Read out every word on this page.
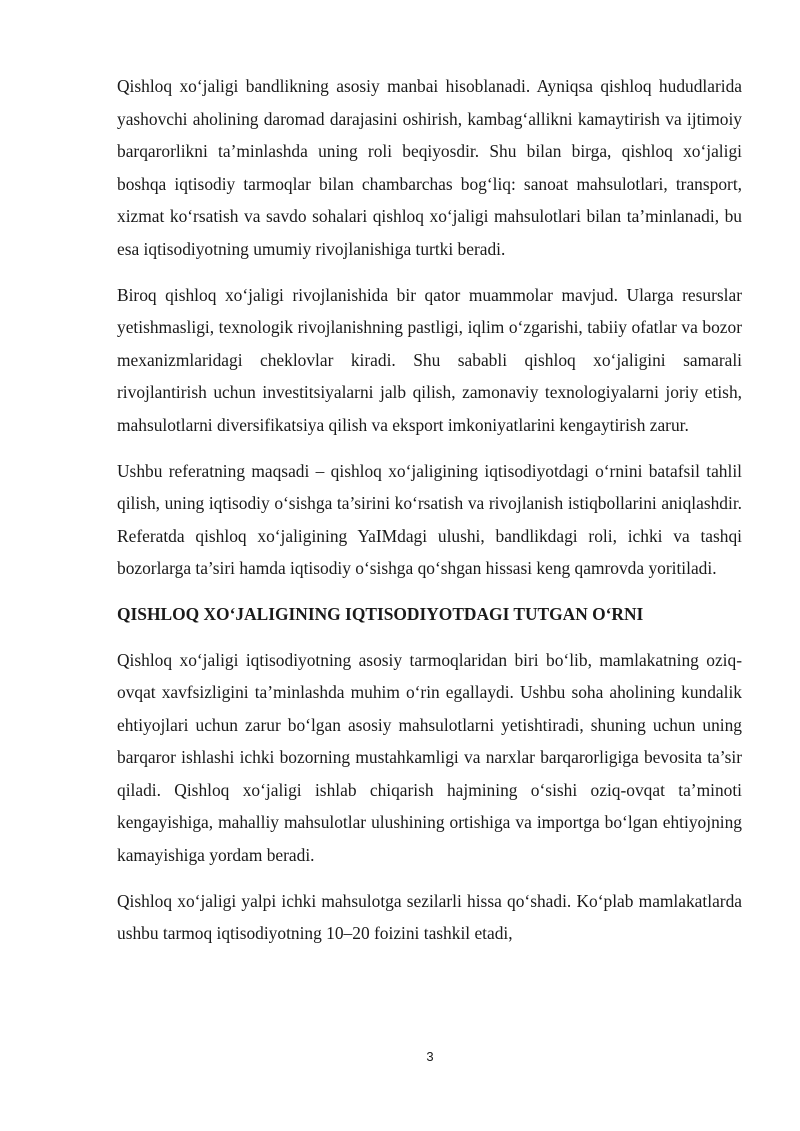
Qishloq xo‘jaligi bandlikning asosiy manbai hisoblanadi. Ayniqsa qishloq hududlarida yashovchi aholining daromad darajasini oshirish, kambag‘allikni kamaytirish va ijtimoiy barqarorlikni ta’minlashda uning roli beqiyosdir. Shu bilan birga, qishloq xo‘jaligi boshqa iqtisodiy tarmoqlar bilan chambarchas bog‘liq: sanoat mahsulotlari, transport, xizmat ko‘rsatish va savdo sohalari qishloq xo‘jaligi mahsulotlari bilan ta’minlanadi, bu esa iqtisodiyotning umumiy rivojlanishiga turtki beradi.

Biroq qishloq xo‘jaligi rivojlanishida bir qator muammolar mavjud. Ularga resurslar yetishmasligi, texnologik rivojlanishning pastligi, iqlim o‘zgarishi, tabiiy ofatlar va bozor mexanizmlaridagi cheklovlar kiradi. Shu sababli qishloq xo‘jaligini samarali rivojlantirish uchun investitsiyalarni jalb qilish, zamonaviy texnologiyalarni joriy etish, mahsulotlarni diversifikatsiya qilish va eksport imkoniyatlarini kengaytirish zarur.

Ushbu referatning maqsadi – qishloq xo‘jaligining iqtisodiyotdagi o‘rnini batafsil tahlil qilish, uning iqtisodiy o‘sishga ta’sirini ko‘rsatish va rivojlanish istiqbollarini aniqlashdir. Referatda qishloq xo‘jaligining YaIMdagi ulushi, bandlikdagi roli, ichki va tashqi bozorlarga ta’siri hamda iqtisodiy o‘sishga qo‘shgan hissasi keng qamrovda yoritiladi.

QISHLOQ XO‘JALIGINING IQTISODIYOTDAGI TUTGAN O‘RNI

Qishloq xo‘jaligi iqtisodiyotning asosiy tarmoqlaridan biri bo‘lib, mamlakatning oziq-ovqat xavfsizligini ta’minlashda muhim o‘rin egallaydi. Ushbu soha aholining kundalik ehtiyojlari uchun zarur bo‘lgan asosiy mahsulotlarni yetishtiradi, shuning uchun uning barqaror ishlashi ichki bozorning mustahkamligi va narxlar barqarorligiga bevosita ta’sir qiladi. Qishloq xo‘jaligi ishlab chiqarish hajmining o‘sishi oziq-ovqat ta’minoti kengayishiga, mahalliy mahsulotlar ulushining ortishiga va importga bo‘lgan ehtiyojning kamayishiga yordam beradi.

Qishloq xo‘jaligi yalpi ichki mahsulotga sezilarli hissa qo‘shadi. Ko‘plab mamlakatlarda ushbu tarmoq iqtisodiyotning 10–20 foizini tashkil etadi,

3
